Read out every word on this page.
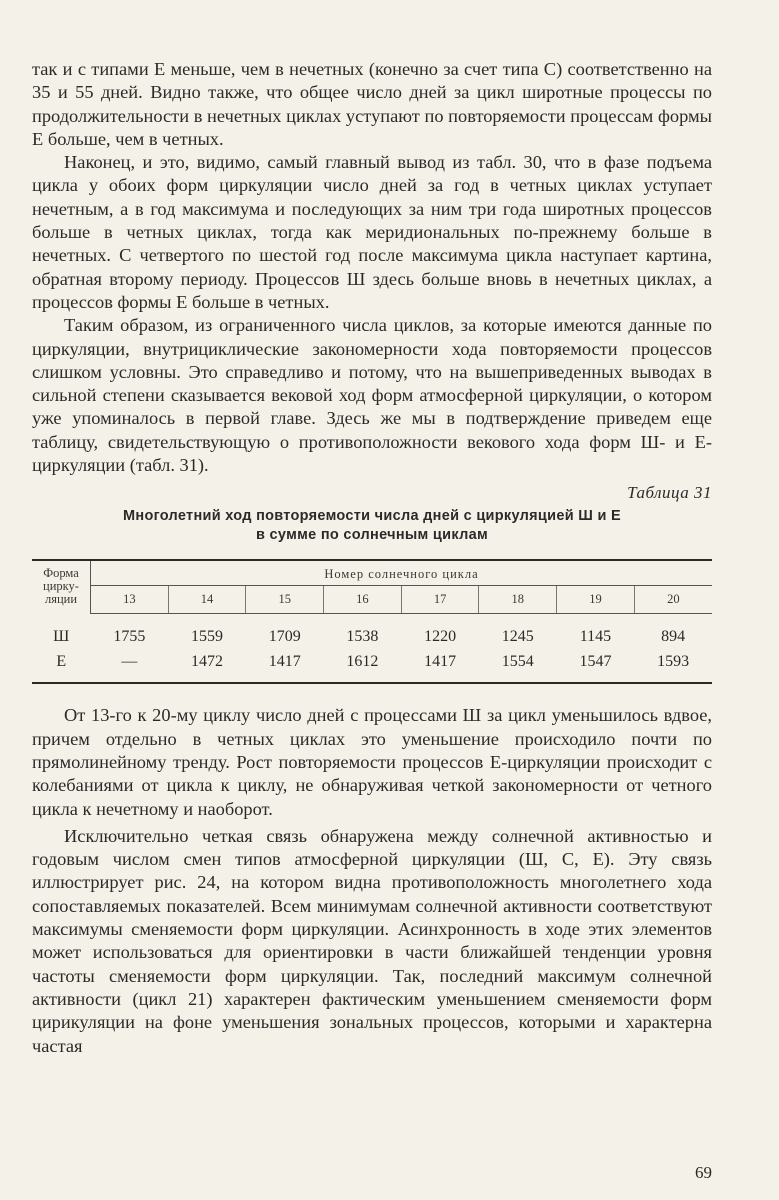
так и с типами Е меньше, чем в нечетных (конечно за счет типа С) соответственно на 35 и 55 дней. Видно также, что общее число дней за цикл широтные процессы по продолжительности в нечетных циклах уступают по повторяемости процессам формы Е больше, чем в четных.

Наконец, и это, видимо, самый главный вывод из табл. 30, что в фазе подъема цикла у обоих форм циркуляции число дней за год в четных циклах уступает нечетным, а в год максимума и последующих за ним три года широтных процессов больше в четных циклах, тогда как меридиональных по-прежнему больше в нечетных. С четвертого по шестой год после максимума цикла наступает картина, обратная второму периоду. Процессов Ш здесь больше вновь в нечетных циклах, а процессов формы Е больше в четных.

Таким образом, из ограниченного числа циклов, за которые имеются данные по циркуляции, внутрициклические закономерности хода повторяемости процессов слишком условны. Это справедливо и потому, что на вышеприведенных выводах в сильной степени сказывается вековой ход форм атмосферной циркуляции, о котором уже упоминалось в первой главе. Здесь же мы в подтверждение приведем еще таблицу, свидетельствующую о противоположности векового хода форм Ш- и Е-циркуляции (табл. 31).

Таблица 31
Многолетний ход повторяемости числа дней с циркуляцией Ш и Е
в сумме по солнечным циклам
Форма
цирку-
ляции	Номер солнечного цикла							
	13	14	15	16	17	18	19	20

Ш	1755	1559	1709	1538	1220	1245	1145	894
Е	—	1472	1417	1612	1417	1554	1547	1593

От 13-го к 20-му циклу число дней с процессами Ш за цикл уменьшилось вдвое, причем отдельно в четных циклах это уменьшение происходило почти по прямолинейному тренду. Рост повторяемости процессов Е-циркуляции происходит с колебаниями от цикла к циклу, не обнаруживая четкой закономерности от четного цикла к нечетному и наоборот.

Исключительно четкая связь обнаружена между солнечной активностью и годовым числом смен типов атмосферной циркуляции (Ш, С, Е). Эту связь иллюстрирует рис. 24, на котором видна противоположность многолетнего хода сопоставляемых показателей. Всем минимумам солнечной активности соответствуют максимумы сменяемости форм циркуляции. Асинхронность в ходе этих элементов может использоваться для ориентировки в части ближайшей тенденции уровня частоты сменяемости форм циркуляции. Так, последний максимум солнечной активности (цикл 21) характерен фактическим уменьшением сменяемости форм цирикуляции на фоне уменьшения зональных процессов, которыми и характерна частая

69
